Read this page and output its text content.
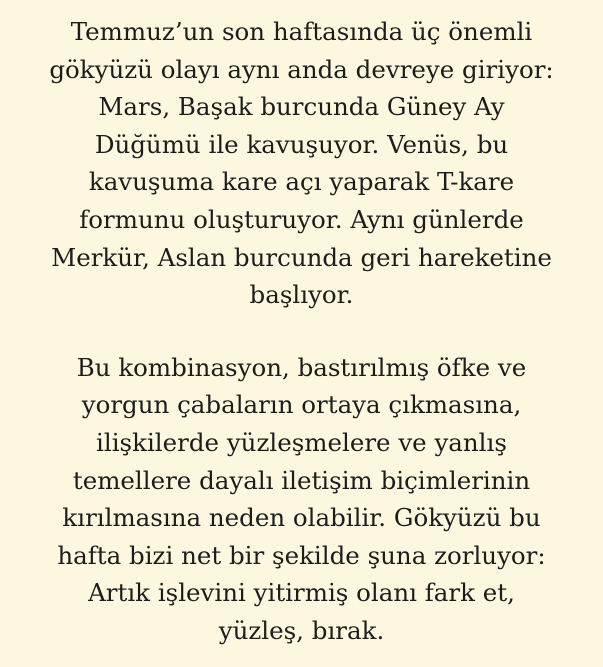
Temmuz’un son haftasında üç önemli
gökyüzü olayı aynı anda devreye giriyor:
Mars, Başak burcunda Güney Ay
Düğümü ile kavuşuyor. Venüs, bu
kavuşuma kare açı yaparak T-kare
formunu oluşturuyor. Aynı günlerde
Merkür, Aslan burcunda geri hareketine
başlıyor.

Bu kombinasyon, bastırılmış öfke ve
yorgun çabaların ortaya çıkmasına,
ilişkilerde yüzleşmelere ve yanlış
temellere dayalı iletişim biçimlerinin
kırılmasına neden olabilir. Gökyüzü bu
hafta bizi net bir şekilde şuna zorluyor:
Artık işlevini yitirmiş olanı fark et,
yüzleş, bırak.
